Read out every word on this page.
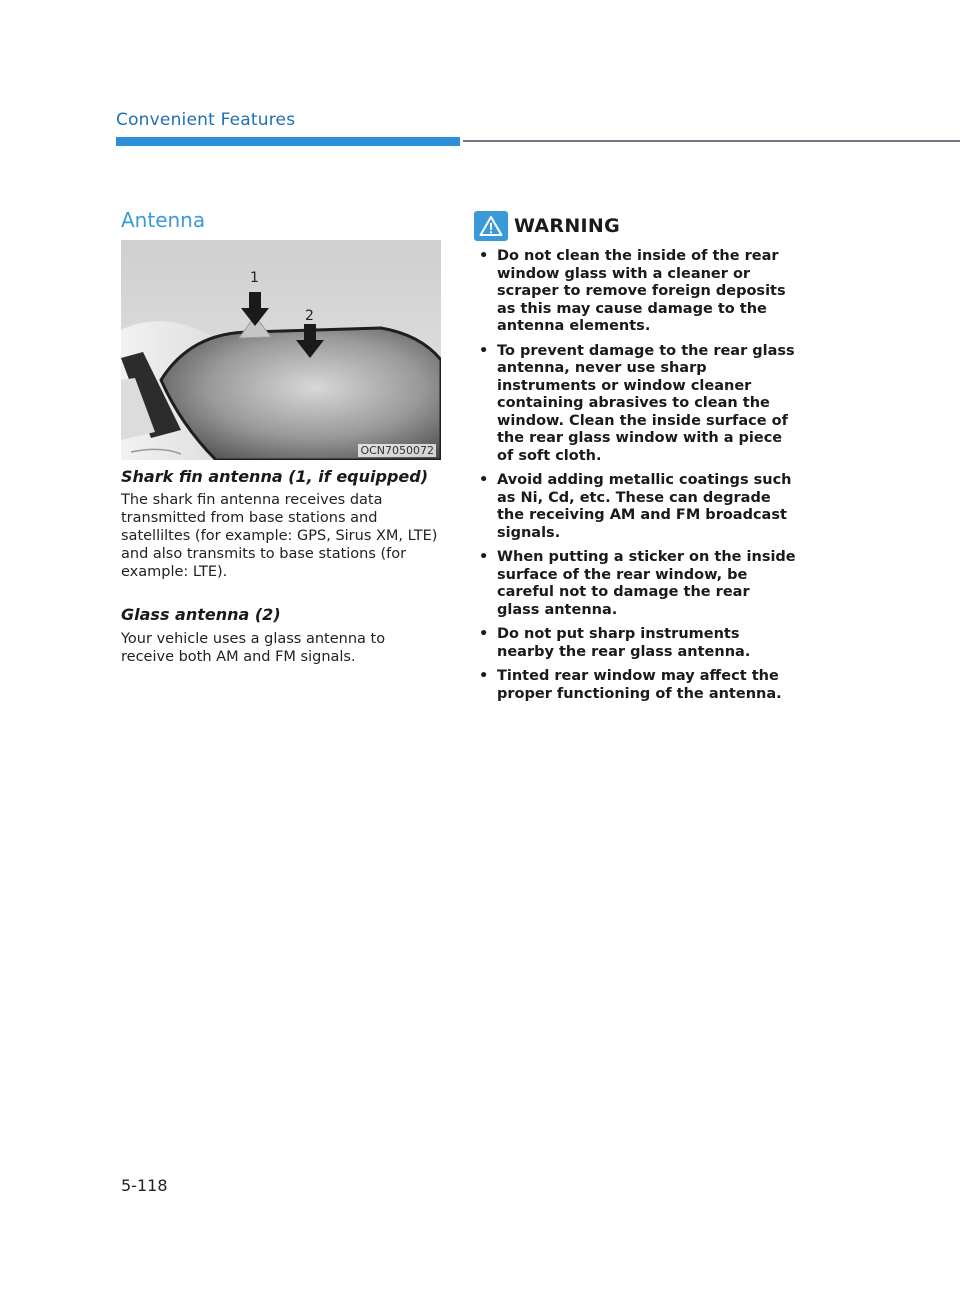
Convenient Features
Antenna
1
2
OCN7050072
Shark fin antenna (1, if equipped)
The shark fin antenna receives data transmitted from base stations and satelliltes (for example: GPS, Sirus XM, LTE) and also transmits to base stations (for example: LTE).
Glass antenna (2)
Your vehicle uses a glass antenna to receive both AM and FM signals.
WARNING
• Do not clean the inside of the rear window glass with a cleaner or scraper to remove foreign deposits as this may cause damage to the antenna elements.
• To prevent damage to the rear glass antenna, never use sharp instruments or window cleaner containing abrasives to clean the window. Clean the inside surface of the rear glass window with a piece of soft cloth.
• Avoid adding metallic coatings such as Ni, Cd, etc. These can degrade the receiving AM and FM broadcast signals.
• When putting a sticker on the inside surface of the rear window, be careful not to damage the rear glass antenna.
• Do not put sharp instruments nearby the rear glass antenna.
• Tinted rear window may affect the proper functioning of the antenna.
5-118
